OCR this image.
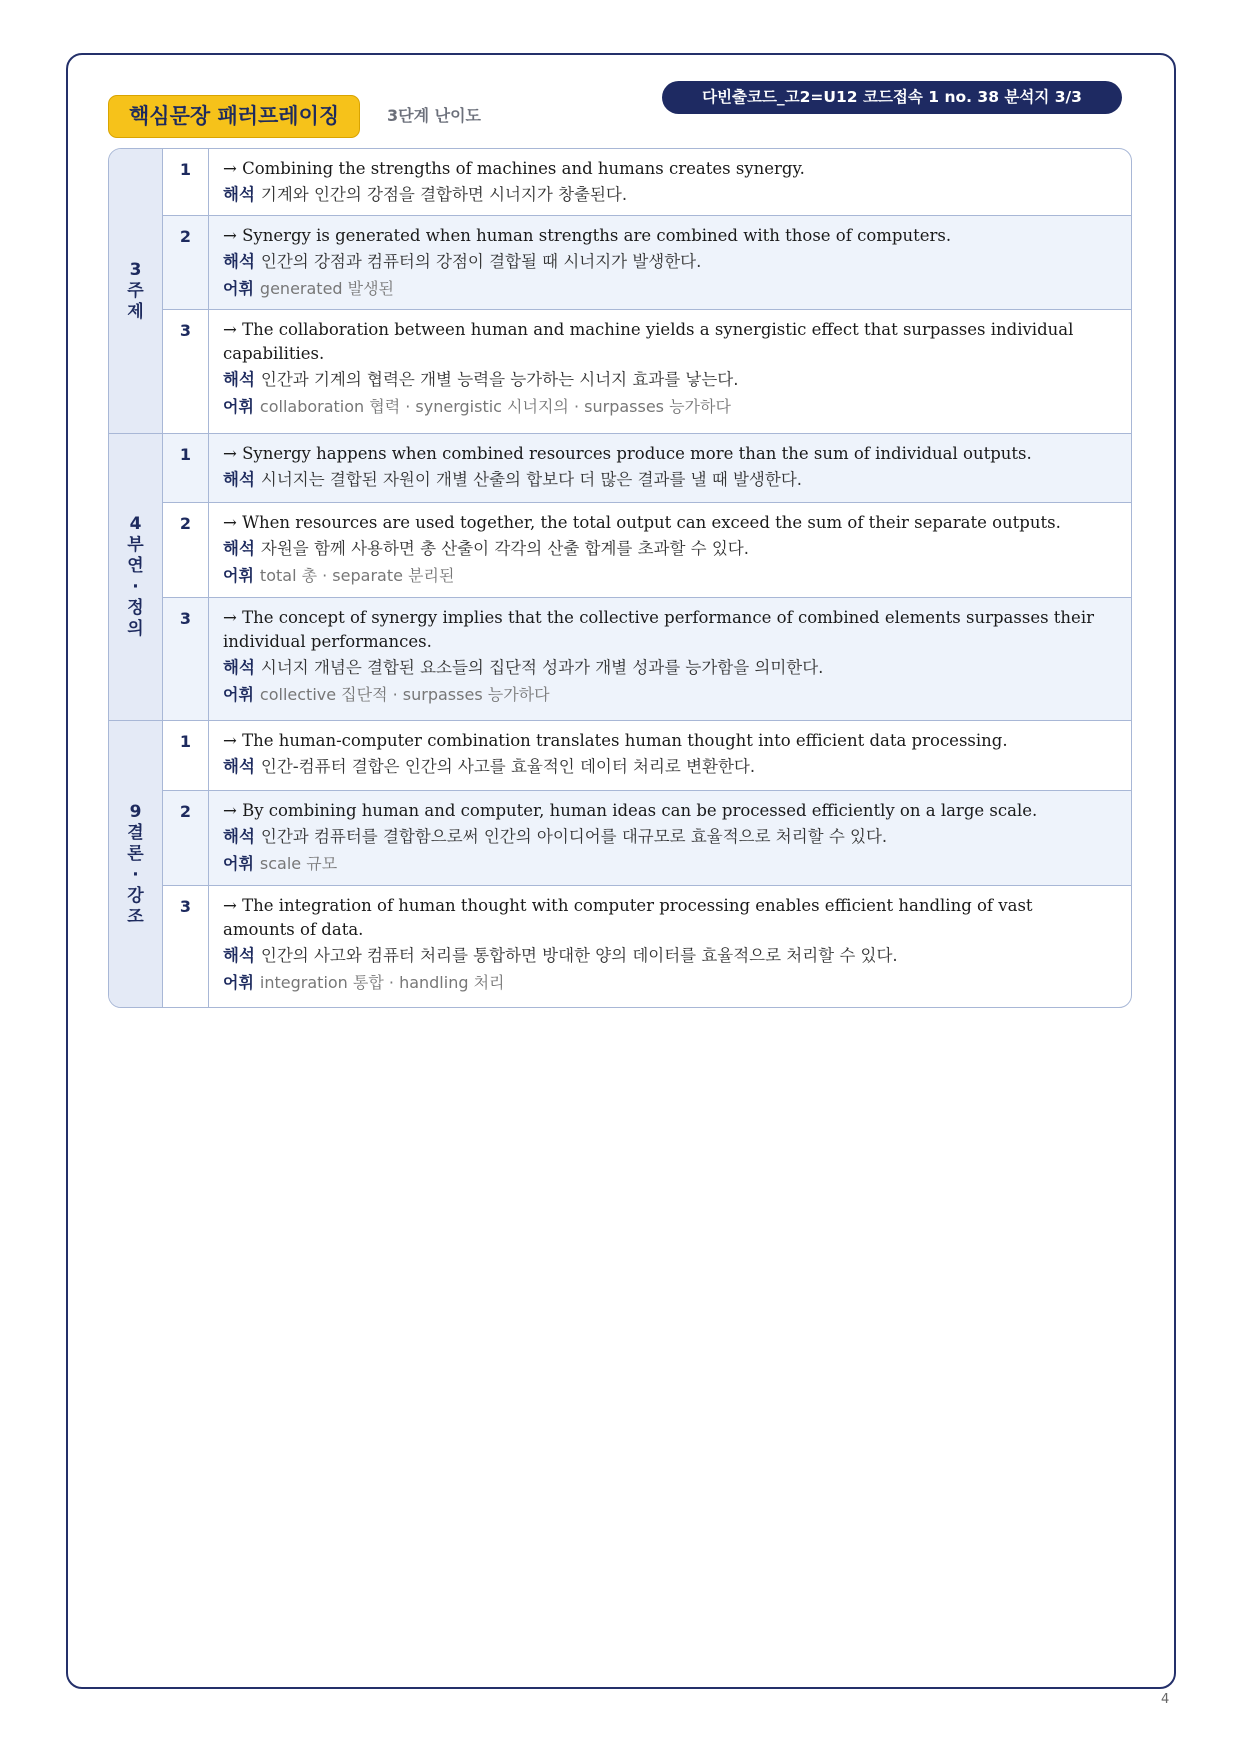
핵심문장 패러프레이징	3단계 난이도
다빈출코드_고2=U12 코드접속 1 no. 38 분석지 3/3
3주제
1	→ Combining the strengths of machines and humans creates synergy.
해석 기계와 인간의 강점을 결합하면 시너지가 창출된다.
2	→ Synergy is generated when human strengths are combined with those of computers.
해석 인간의 강점과 컴퓨터의 강점이 결합될 때 시너지가 발생한다.
어휘 generated 발생된
3	→ The collaboration between human and machine yields a synergistic effect that surpasses individual capabilities.
해석 인간과 기계의 협력은 개별 능력을 능가하는 시너지 효과를 낳는다.
어휘 collaboration 협력 · synergistic 시너지의 · surpasses 능가하다
4부연·정의
1	→ Synergy happens when combined resources produce more than the sum of individual outputs.
해석 시너지는 결합된 자원이 개별 산출의 합보다 더 많은 결과를 낼 때 발생한다.
2	→ When resources are used together, the total output can exceed the sum of their separate outputs.
해석 자원을 함께 사용하면 총 산출이 각각의 산출 합계를 초과할 수 있다.
어휘 total 총 · separate 분리된
3	→ The concept of synergy implies that the collective performance of combined elements surpasses their individual performances.
해석 시너지 개념은 결합된 요소들의 집단적 성과가 개별 성과를 능가함을 의미한다.
어휘 collective 집단적 · surpasses 능가하다
9결론·강조
1	→ The human-computer combination translates human thought into efficient data processing.
해석 인간-컴퓨터 결합은 인간의 사고를 효율적인 데이터 처리로 변환한다.
2	→ By combining human and computer, human ideas can be processed efficiently on a large scale.
해석 인간과 컴퓨터를 결합함으로써 인간의 아이디어를 대규모로 효율적으로 처리할 수 있다.
어휘 scale 규모
3	→ The integration of human thought with computer processing enables efficient handling of vast amounts of data.
해석 인간의 사고와 컴퓨터 처리를 통합하면 방대한 양의 데이터를 효율적으로 처리할 수 있다.
어휘 integration 통합 · handling 처리
4
